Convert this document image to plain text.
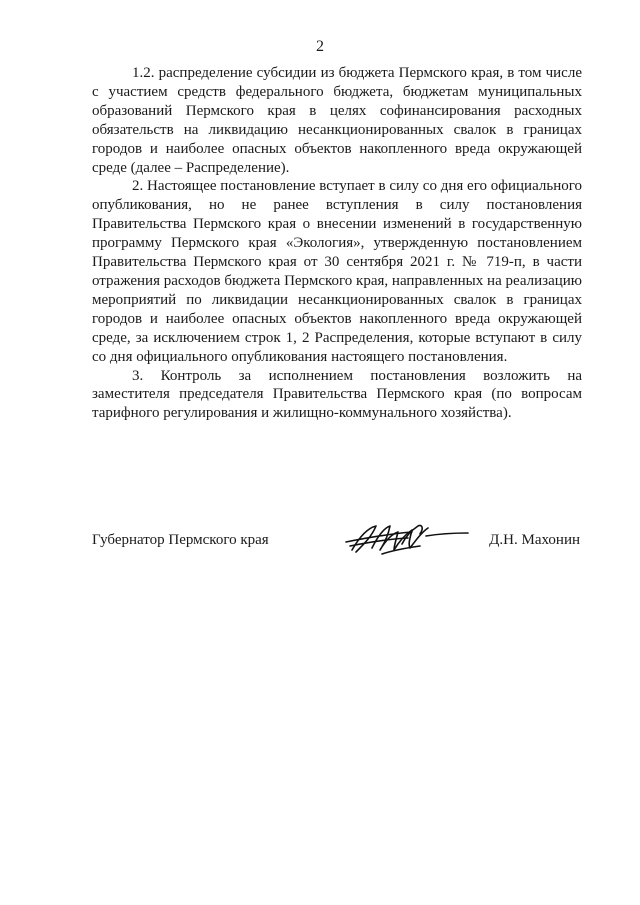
2

1.2. распределение субсидии из бюджета Пермского края, в том числе с участием средств федерального бюджета, бюджетам муниципальных образований Пермского края в целях софинансирования расходных обязательств на ликвидацию несанкционированных свалок в границах городов и наиболее опасных объектов накопленного вреда окружающей среде (далее – Распределение).

2. Настоящее постановление вступает в силу со дня его официального опубликования, но не ранее вступления в силу постановления Правительства Пермского края о внесении изменений в государственную программу Пермского края «Экология», утвержденную постановлением Правительства Пермского края от 30 сентября 2021 г. № 719-п, в части отражения расходов бюджета Пермского края, направленных на реализацию мероприятий по ликвидации несанкционированных свалок в границах городов и наиболее опасных объектов накопленного вреда окружающей среде, за исключением строк 1, 2 Распределения, которые вступают в силу со дня официального опубликования настоящего постановления.

3. Контроль за исполнением постановления возложить на заместителя председателя Правительства Пермского края (по вопросам тарифного регулирования и жилищно-коммунального хозяйства).

Губернатор Пермского края	Д.Н. Махонин
